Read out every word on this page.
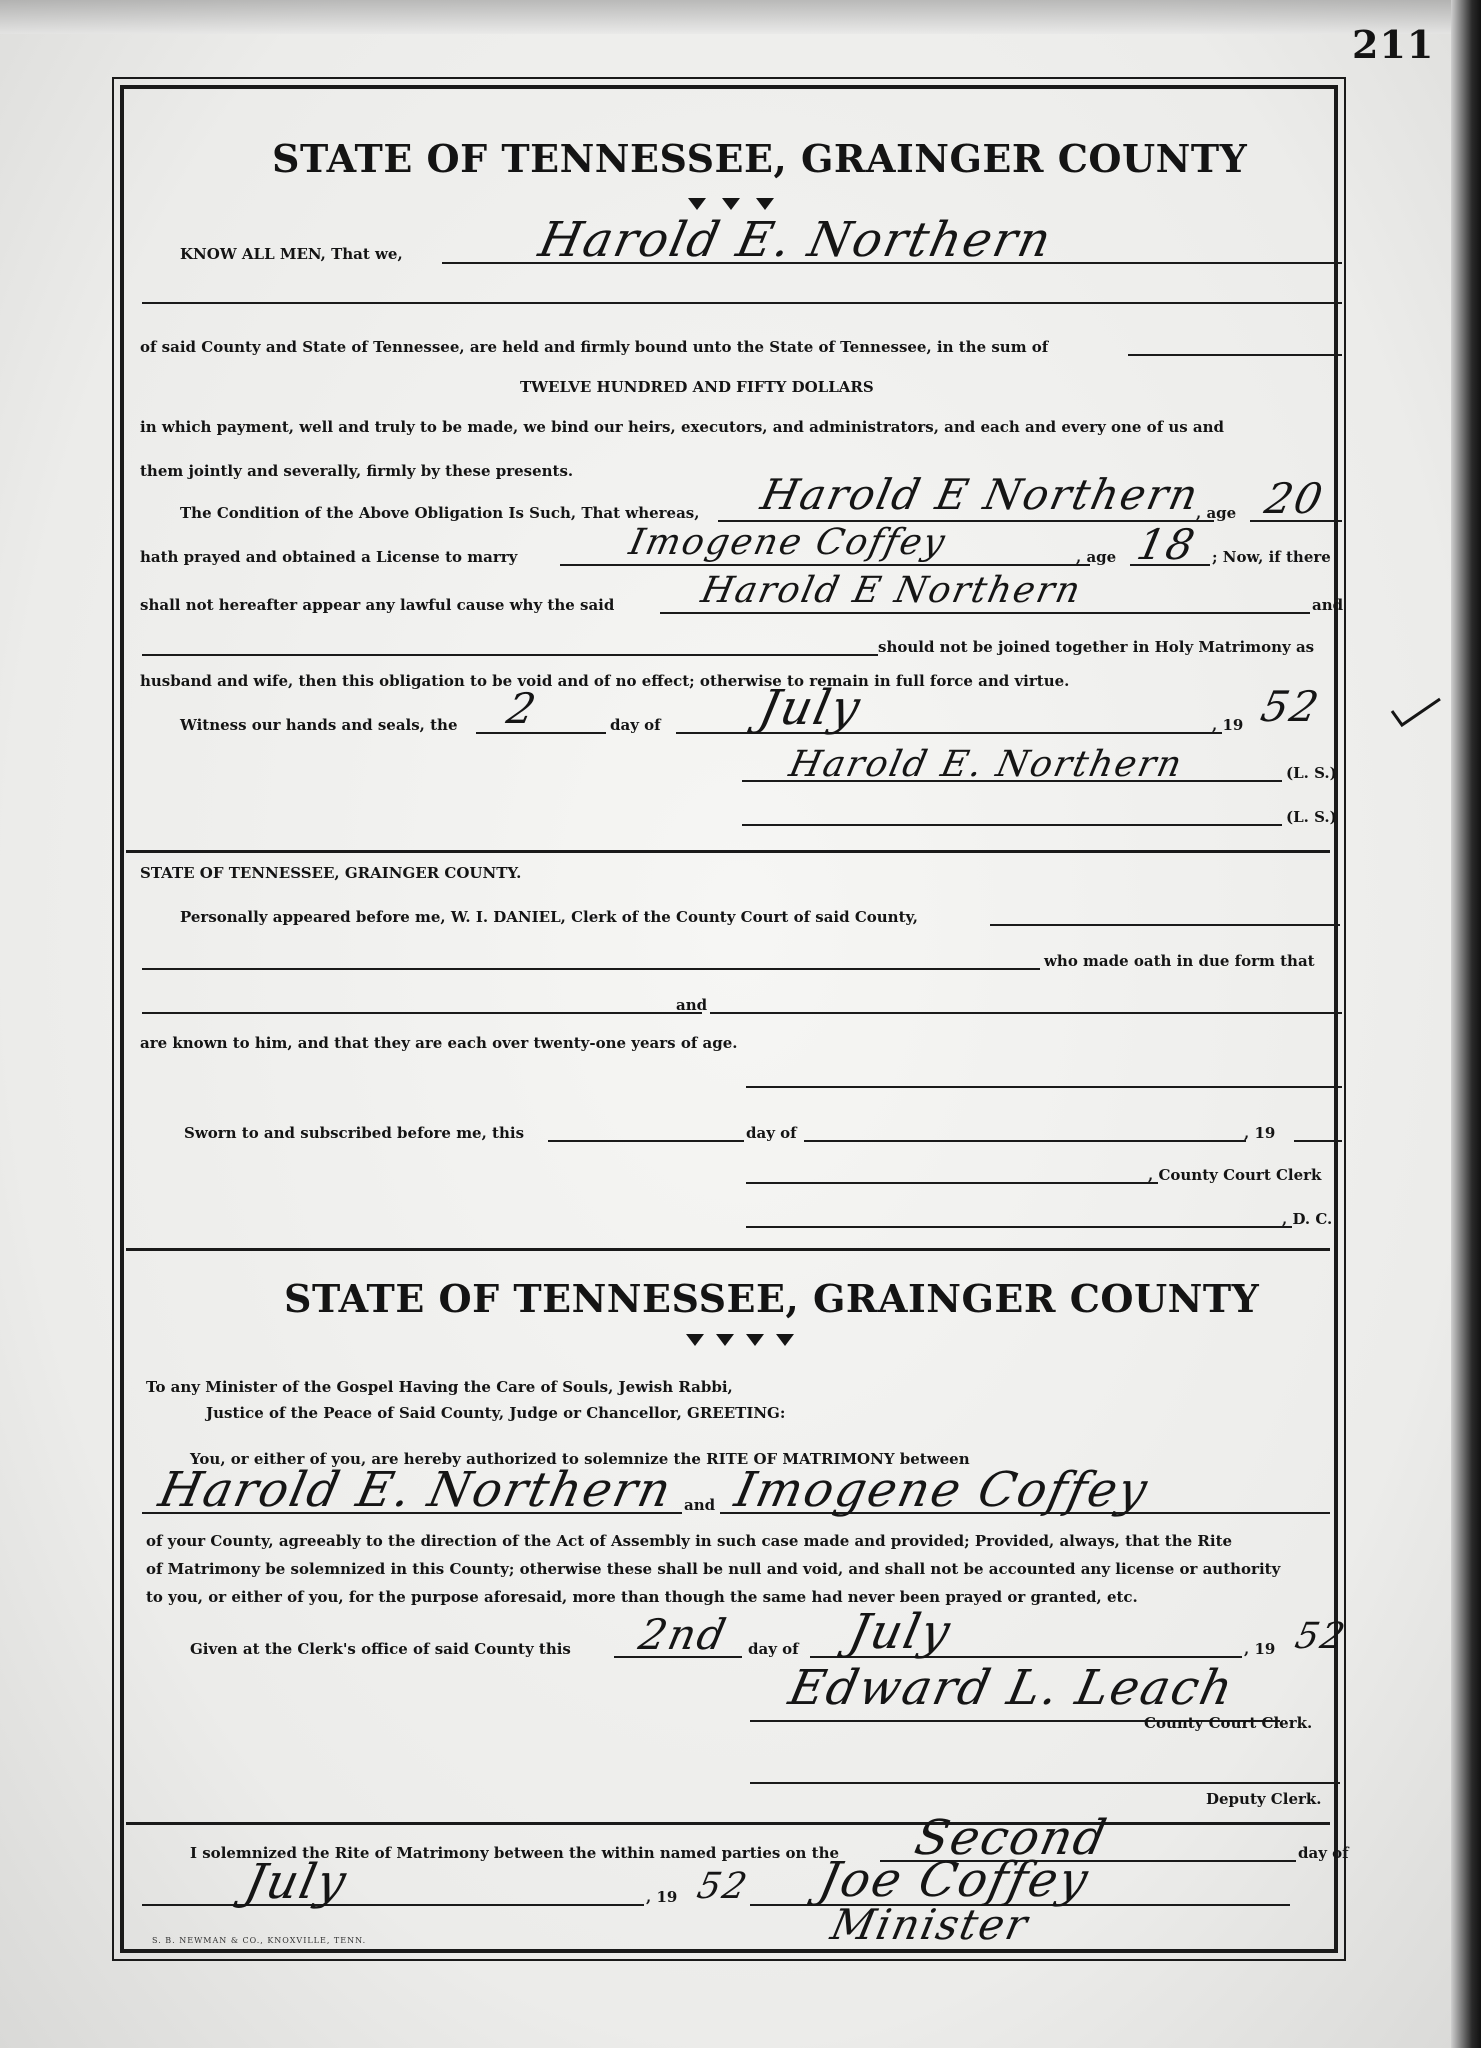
211
STATE OF TENNESSEE, GRAINGER COUNTY
KNOW ALL MEN, That we,	Harold E. Northern
of said County and State of Tennessee, are held and firmly bound unto the State of Tennessee, in the sum of
TWELVE HUNDRED AND FIFTY DOLLARS
in which payment, well and truly to be made, we bind our heirs, executors, and administrators, and each and every one of us and
them jointly and severally, firmly by these presents.
The Condition of the Above Obligation Is Such, That whereas, Harold E Northern
, age 20
hath prayed and obtained a License to marry	Imogene Coffey	, age 18 ; Now, if there
shall not hereafter appear any lawful cause why the said Harold E Northern	and
should not be joined together in Holy Matrimony as
husband and wife, then this obligation to be void and of no effect; otherwise to remain in full force and virtue.
Witness our hands and seals, the 2	day of July	, 19 52
Harold E. Northern	(L. S.)
(L. S.)
STATE OF TENNESSEE, GRAINGER COUNTY.
Personally appeared before me, W. I. DANIEL, Clerk of the County Court of said County,
who made oath in due form that
and
are known to him, and that they are each over twenty-one years of age.
Sworn to and subscribed before me, this	day of	, 19
, County Court Clerk
, D. C.
STATE OF TENNESSEE, GRAINGER COUNTY
To any Minister of the Gospel Having the Care of Souls, Jewish Rabbi,
Justice of the Peace of Said County, Judge or Chancellor, GREETING:
You, or either of you, are hereby authorized to solemnize the RITE OF MATRIMONY between
Harold E. Northern and Imogene Coffey
of your County, agreeably to the direction of the Act of Assembly in such case made and provided; Provided, always, that the Rite
of Matrimony be solemnized in this County; otherwise these shall be null and void, and shall not be accounted any license or authority
to you, or either of you, for the purpose aforesaid, more than though the same had never been prayed or granted, etc.
Given at the Clerk's office of said County this 2nd day of July	, 19 52
Edward L. Leach
County Court Clerk.
Deputy Clerk.
I solemnized the Rite of Matrimony between the within named parties on the Second	day of
July	, 19 52 Joe Coffey
Minister
S. B. NEWMAN & CO., KNOXVILLE, TENN.
